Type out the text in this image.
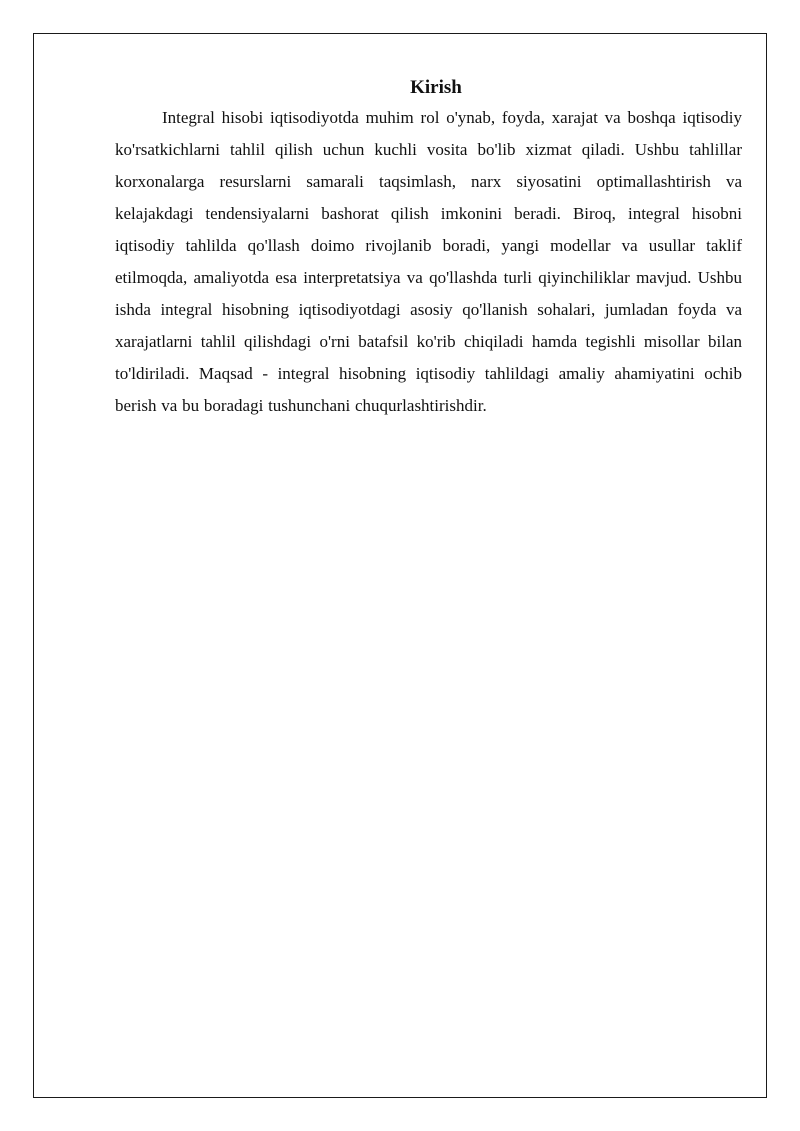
Kirish

Integral hisobi iqtisodiyotda muhim rol o'ynab, foyda, xarajat va boshqa iqtisodiy ko'rsatkichlarni tahlil qilish uchun kuchli vosita bo'lib xizmat qiladi. Ushbu tahlillar korxonalarga resurslarni samarali taqsimlash, narx siyosatini optimallashtirish va kelajakdagi tendensiyalarni bashorat qilish imkonini beradi. Biroq, integral hisobni iqtisodiy tahlilda qo'llash doimo rivojlanib boradi, yangi modellar va usullar taklif etilmoqda, amaliyotda esa interpretatsiya va qo'llashda turli qiyinchiliklar mavjud. Ushbu ishda integral hisobning iqtisodiyotdagi asosiy qo'llanish sohalari, jumladan foyda va xarajatlarni tahlil qilishdagi o'rni batafsil ko'rib chiqiladi hamda tegishli misollar bilan to'ldiriladi. Maqsad - integral hisobning iqtisodiy tahlildagi amaliy ahamiyatini ochib berish va bu boradagi tushunchani chuqurlashtirishdir.
